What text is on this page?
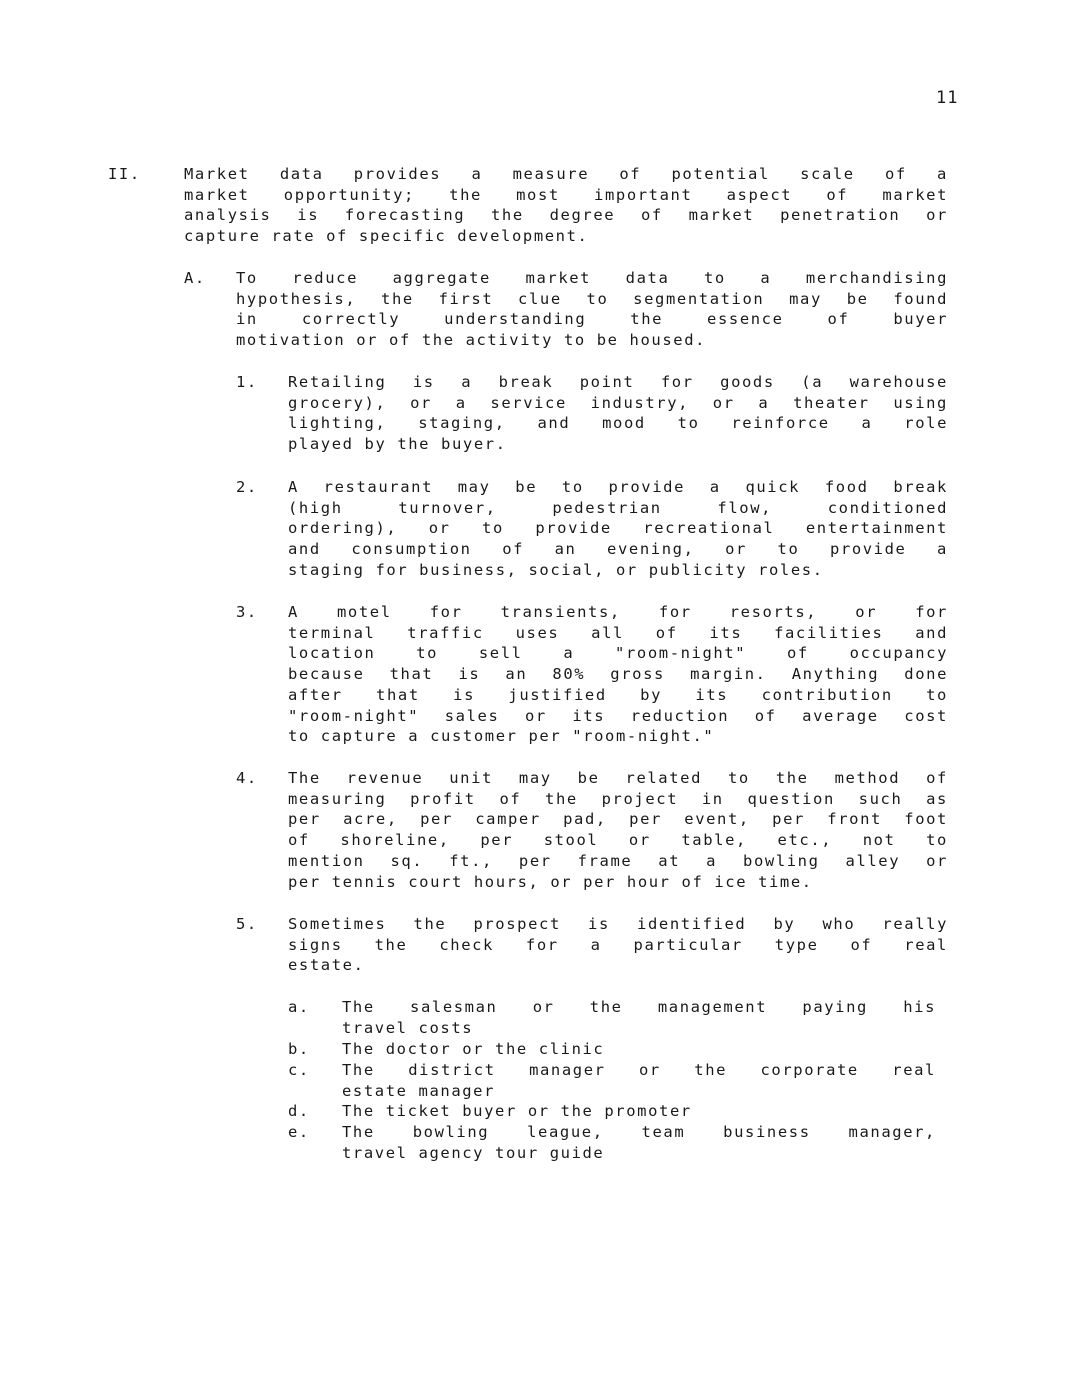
11
II.	Market data provides a measure of potential scale of a
market opportunity; the most important aspect of market
analysis is forecasting the degree of market penetration or
capture rate of specific development.
A. To reduce aggregate market data to a merchandising
hypothesis, the first clue to segmentation may be found
in correctly understanding the essence of buyer
motivation or of the activity to be housed.
1. Retailing is a break point for goods (a warehouse
grocery), or a service industry, or a theater using
lighting, staging, and mood to reinforce a role
played by the buyer.
2. A restaurant may be to provide a quick food break
(high turnover, pedestrian flow, conditioned
ordering), or to provide recreational entertainment
and consumption of an evening, or to provide a
staging for business, social, or publicity roles.
3. A motel for transients, for resorts, or for
terminal traffic uses all of its facilities and
location to sell a "room-night" of occupancy
because that is an 80% gross margin. Anything done
after that is justified by its contribution to
"room-night" sales or its reduction of average cost
to capture a customer per "room-night."
4. The revenue unit may be related to the method of
measuring profit of the project in question such as
per acre, per camper pad, per event, per front foot
of shoreline, per stool or table, etc., not to
mention sq. ft., per frame at a bowling alley or
per tennis court hours, or per hour of ice time.
5. Sometimes the prospect is identified by who really
signs the check for a particular type of real
estate.
a. The salesman or the management paying his
travel costs
b. The doctor or the clinic
c. The district manager or the corporate real
estate manager
d. The ticket buyer or the promoter
e. The bowling league, team business manager,
travel agency tour guide
